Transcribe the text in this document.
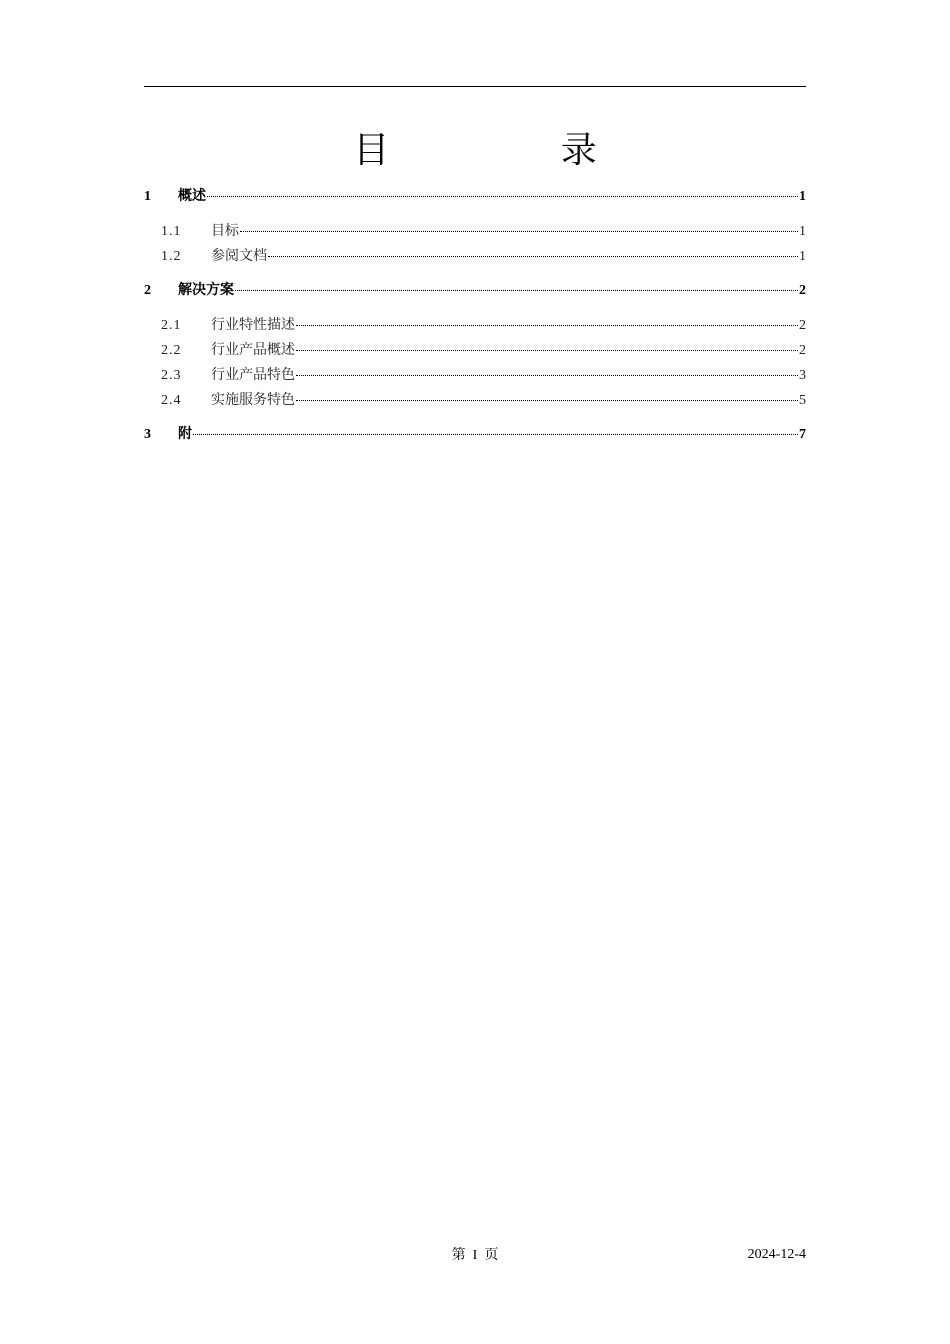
目 录
1	概述	1
1.1	目标	1
1.2	参阅文档	1
2	解决方案	2
2.1	行业特性描述	2
2.2	行业产品概述	2
2.3	行业产品特色	3
2.4	实施服务特色	5
3	附	7
第 I 页	2024-12-4
